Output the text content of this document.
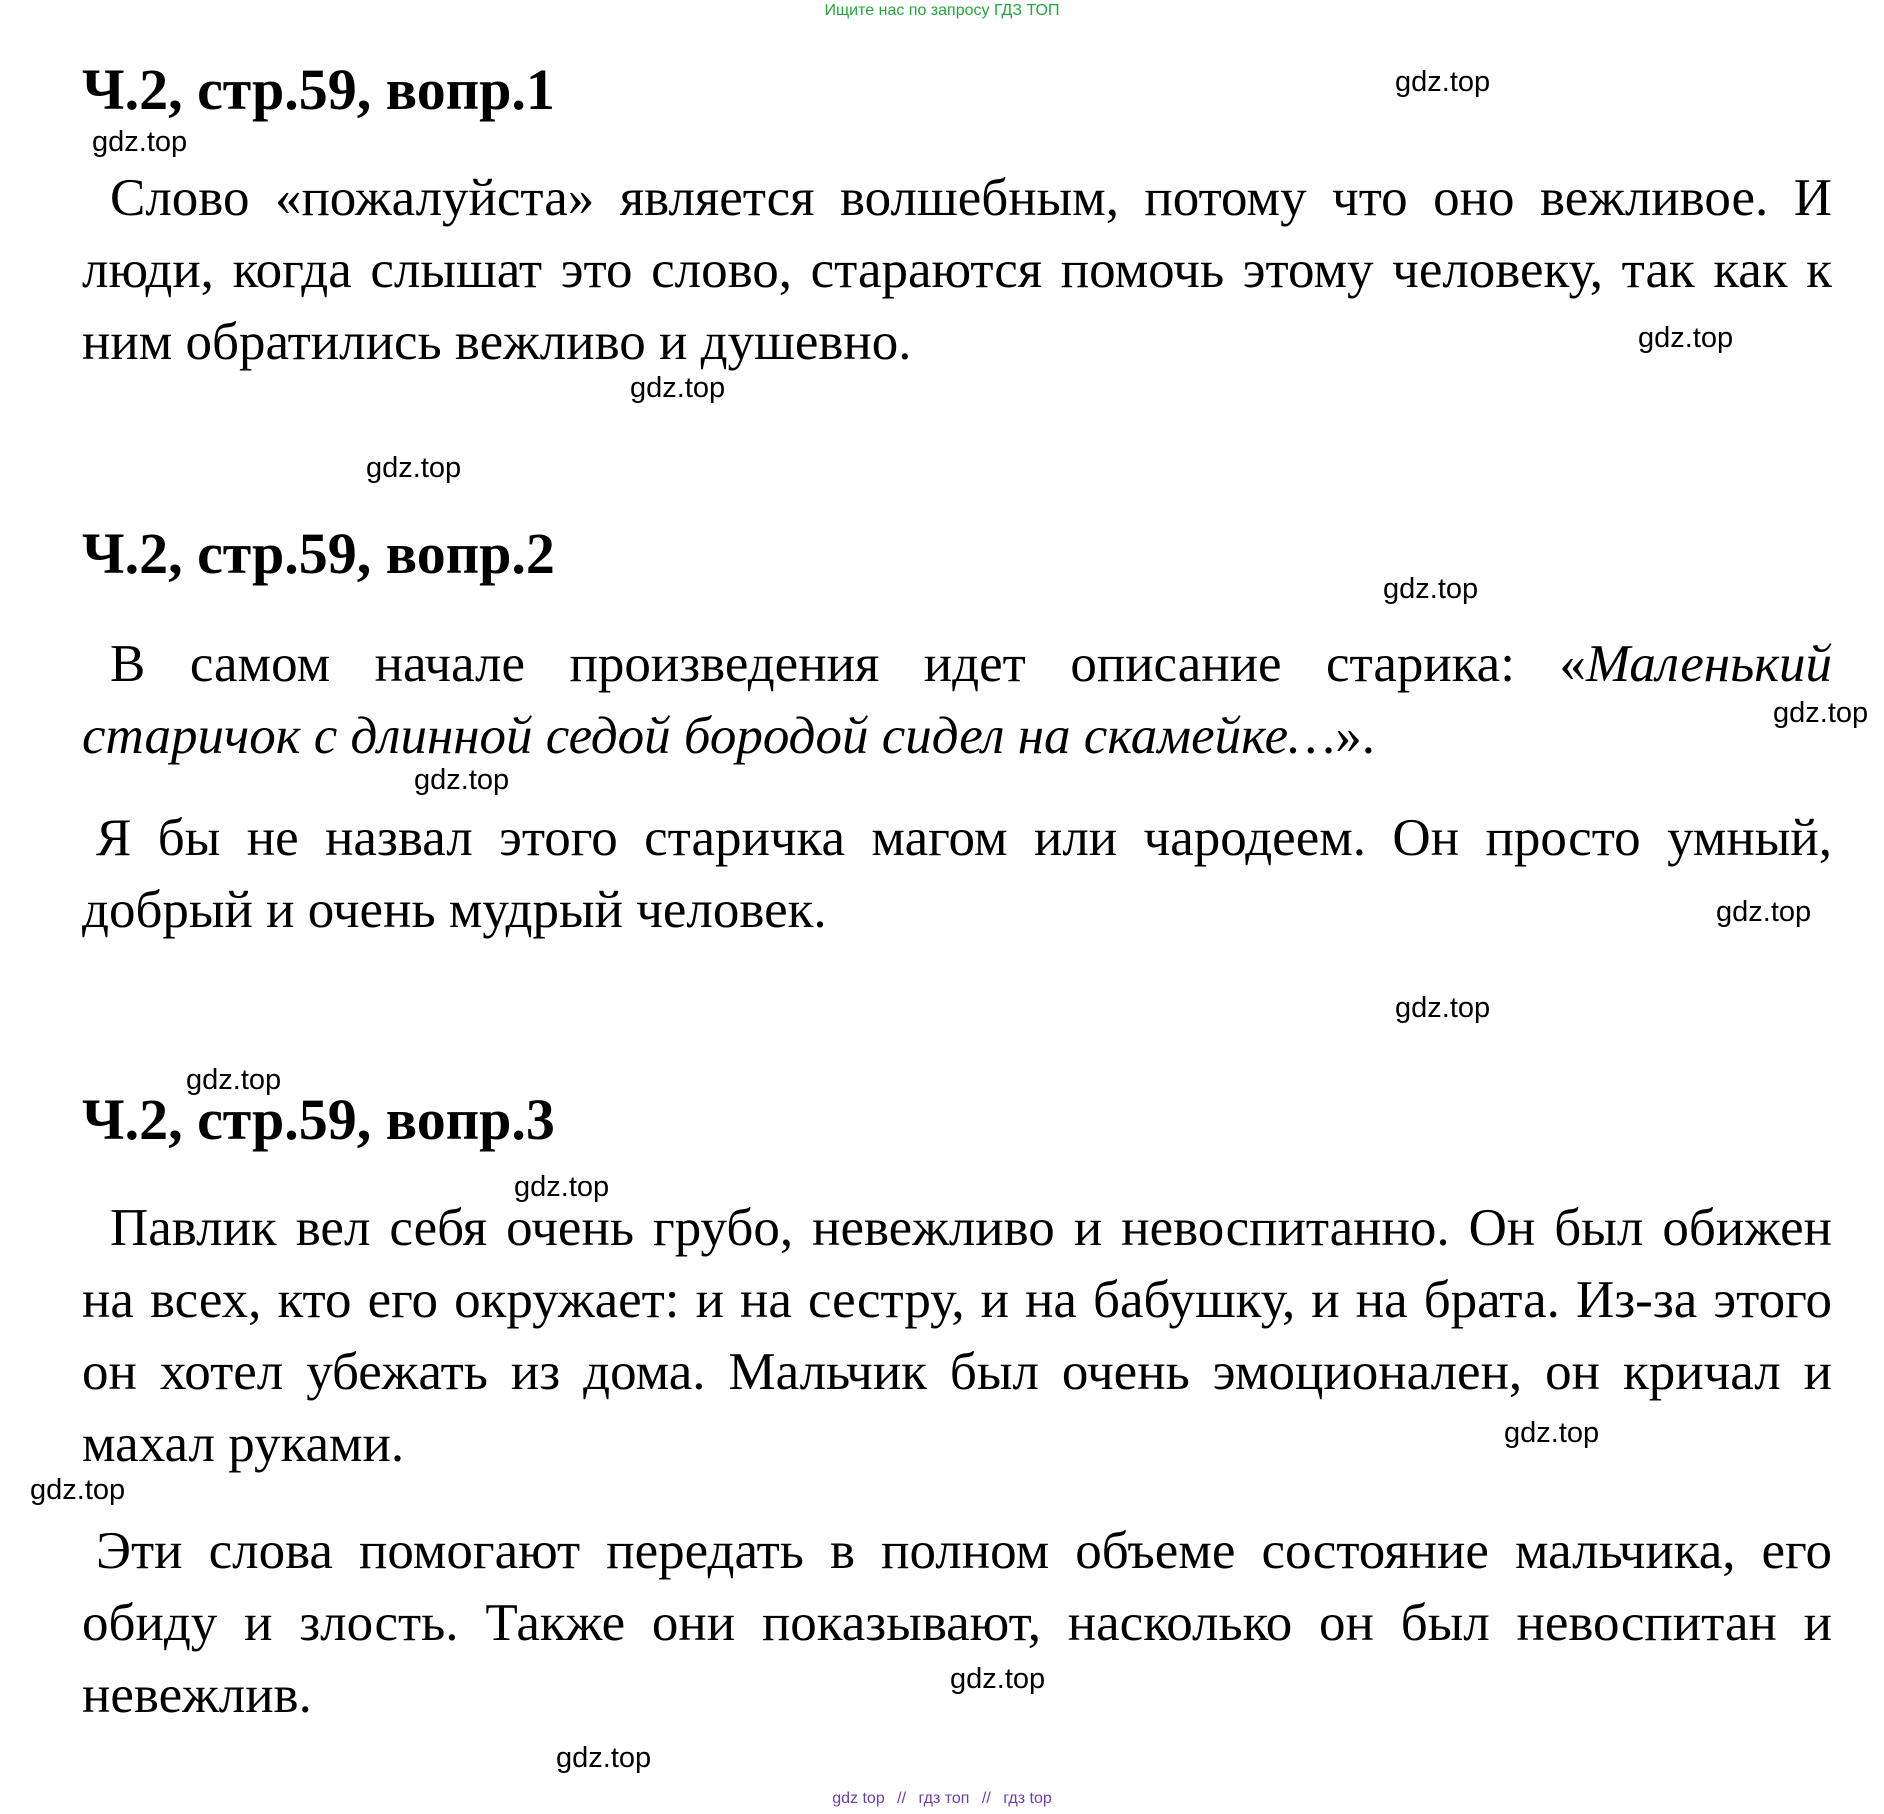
Ищите нас по запросу ГДЗ ТОП
Ч.2, стр.59, вопр.1

Слово «пожалуйста» является волшебным, потому что оно вежливое. И люди, когда слышат это слово, стараются помочь этому человеку, так как к ним обратились вежливо и душевно.

Ч.2, стр.59, вопр.2

В самом начале произведения идет описание старика: «Маленький старичок с длинной седой бородой сидел на скамейке…».

Я бы не назвал этого старичка магом или чародеем. Он просто умный, добрый и очень мудрый человек.

Ч.2, стр.59, вопр.3

Павлик вел себя очень грубо, невежливо и невоспитанно. Он был обижен на всех, кто его окружает: и на сестру, и на бабушку, и на брата. Из-за этого он хотел убежать из дома. Мальчик был очень эмоционален, он кричал и махал руками.

Эти слова помогают передать в полном объеме состояние мальчика, его обиду и злость. Также они показывают, насколько он был невоспитан и невежлив.

gdz.top
gdz.top
gdz.top
gdz.top
gdz.top
gdz.top
gdz.top
gdz.top
gdz.top
gdz.top
gdz.top
gdz.top
gdz.top
gdz.top
gdz.top
gdz.top
gdz top // гдз топ // гдз top
